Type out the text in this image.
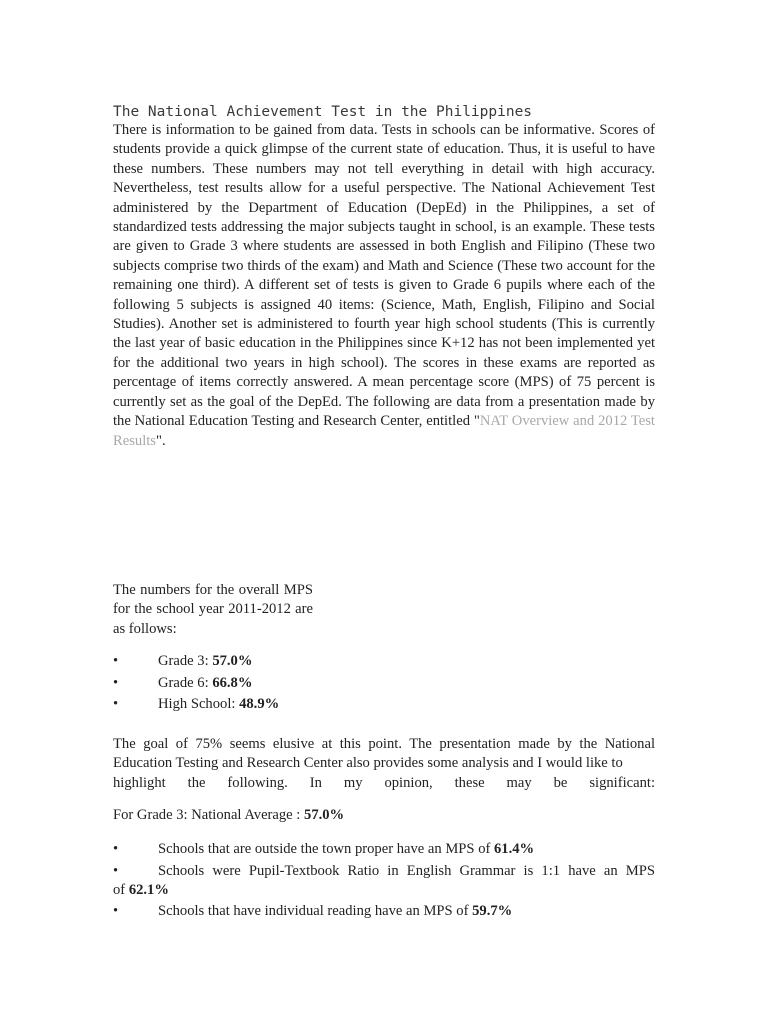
The National Achievement Test in the Philippines

There is information to be gained from data. Tests in schools can be informative. Scores of students provide a quick glimpse of the current state of education. Thus, it is useful to have these numbers. These numbers may not tell everything in detail with high accuracy. Nevertheless, test results allow for a useful perspective. The National Achievement Test administered by the Department of Education (DepEd) in the Philippines, a set of standardized tests addressing the major subjects taught in school, is an example. These tests are given to Grade 3 where students are assessed in both English and Filipino (These two subjects comprise two thirds of the exam) and Math and Science (These two account for the remaining one third). A different set of tests is given to Grade 6 pupils where each of the following 5 subjects is assigned 40 items: (Science, Math, English, Filipino and Social Studies). Another set is administered to fourth year high school students (This is currently the last year of basic education in the Philippines since K+12 has not been implemented yet for the additional two years in high school). The scores in these exams are reported as percentage of items correctly answered. A mean percentage score (MPS) of 75 percent is currently set as the goal of the DepEd. The following are data from a presentation made by the National Education Testing and Research Center, entitled "NAT Overview and 2012 Test Results".

The numbers for the overall MPS for the school year 2011-2012 are as follows:

•	Grade 3: 57.0%
•	Grade 6: 66.8%
•	High School: 48.9%

The goal of 75% seems elusive at this point. The presentation made by the National Education Testing and Research Center also provides some analysis and I would like to
highlight the following. In my opinion, these may be significant:

For Grade 3: National Average : 57.0%

•	Schools that are outside the town proper have an MPS of 61.4%
•	Schools were Pupil-Textbook Ratio in English Grammar is 1:1 have an MPS
of 62.1%
•	Schools that have individual reading have an MPS of 59.7%
